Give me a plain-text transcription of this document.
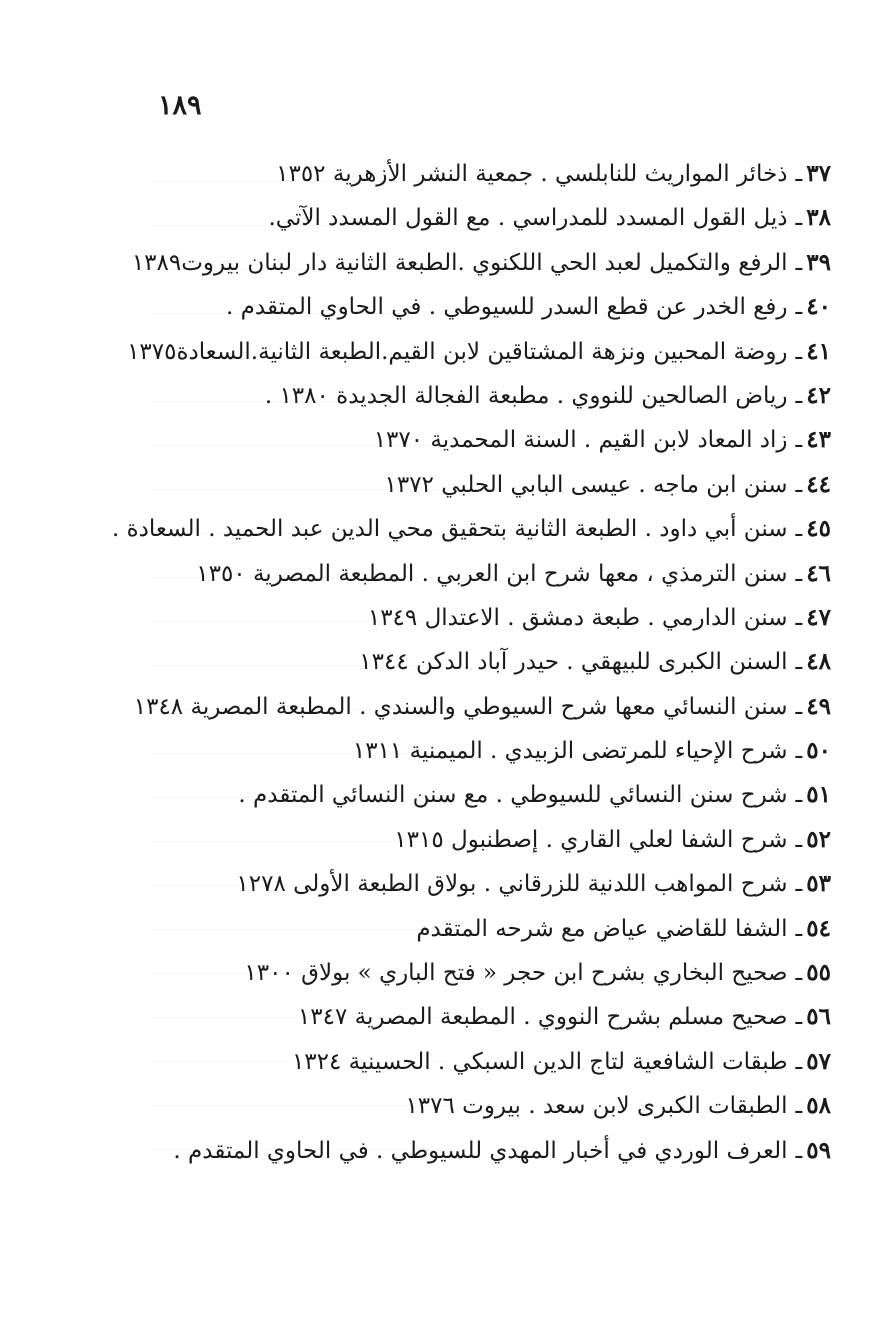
١٨٩
٣٧ـذخائر المواريث للنابلسي . جمعية النشر الأزهرية ١٣٥٢
٣٨ـذيل القول المسدد للمدراسي . مع القول المسدد الآتي.
٣٩ـالرفع والتكميل لعبد الحي اللكنوي .الطبعة الثانية دار لبنان بيروت١٣٨٩
٤٠ـرفع الخدر عن قطع السدر للسيوطي . في الحاوي المتقدم .
٤١ـروضة المحبين ونزهة المشتاقين لابن القيم.الطبعة الثانية.السعادة١٣٧٥
٤٢ـرياض الصالحين للنووي . مطبعة الفجالة الجديدة ١٣٨٠ .
٤٣ـزاد المعاد لابن القيم . السنة المحمدية ١٣٧٠
٤٤ـسنن ابن ماجه . عيسى البابي الحلبي ١٣٧٢
٤٥ـسنن أبي داود . الطبعة الثانية بتحقيق محي الدين عبد الحميد . السعادة .
٤٦ـسنن الترمذي ، معها شرح ابن العربي . المطبعة المصرية ١٣٥٠
٤٧ـسنن الدارمي . طبعة دمشق . الاعتدال ١٣٤٩
٤٨ـالسنن الكبرى للبيهقي . حيدر آباد الدكن ١٣٤٤
٤٩ـسنن النسائي معها شرح السيوطي والسندي . المطبعة المصرية ١٣٤٨
٥٠ـشرح الإحياء للمرتضى الزبيدي . الميمنية ١٣١١
٥١ـشرح سنن النسائي للسيوطي . مع سنن النسائي المتقدم .
٥٢ـشرح الشفا لعلي القاري . إصطنبول ١٣١٥
٥٣ـشرح المواهب اللدنية للزرقاني . بولاق الطبعة الأولى ١٢٧٨
٥٤ـالشفا للقاضي عياض مع شرحه المتقدم
٥٥ـصحيح البخاري بشرح ابن حجر « فتح الباري » بولاق ١٣٠٠
٥٦ـصحيح مسلم بشرح النووي . المطبعة المصرية ١٣٤٧
٥٧ـطبقات الشافعية لتاج الدين السبكي . الحسينية ١٣٢٤
٥٨ـالطبقات الكبرى لابن سعد . بيروت ١٣٧٦
٥٩ـالعرف الوردي في أخبار المهدي للسيوطي . في الحاوي المتقدم .
